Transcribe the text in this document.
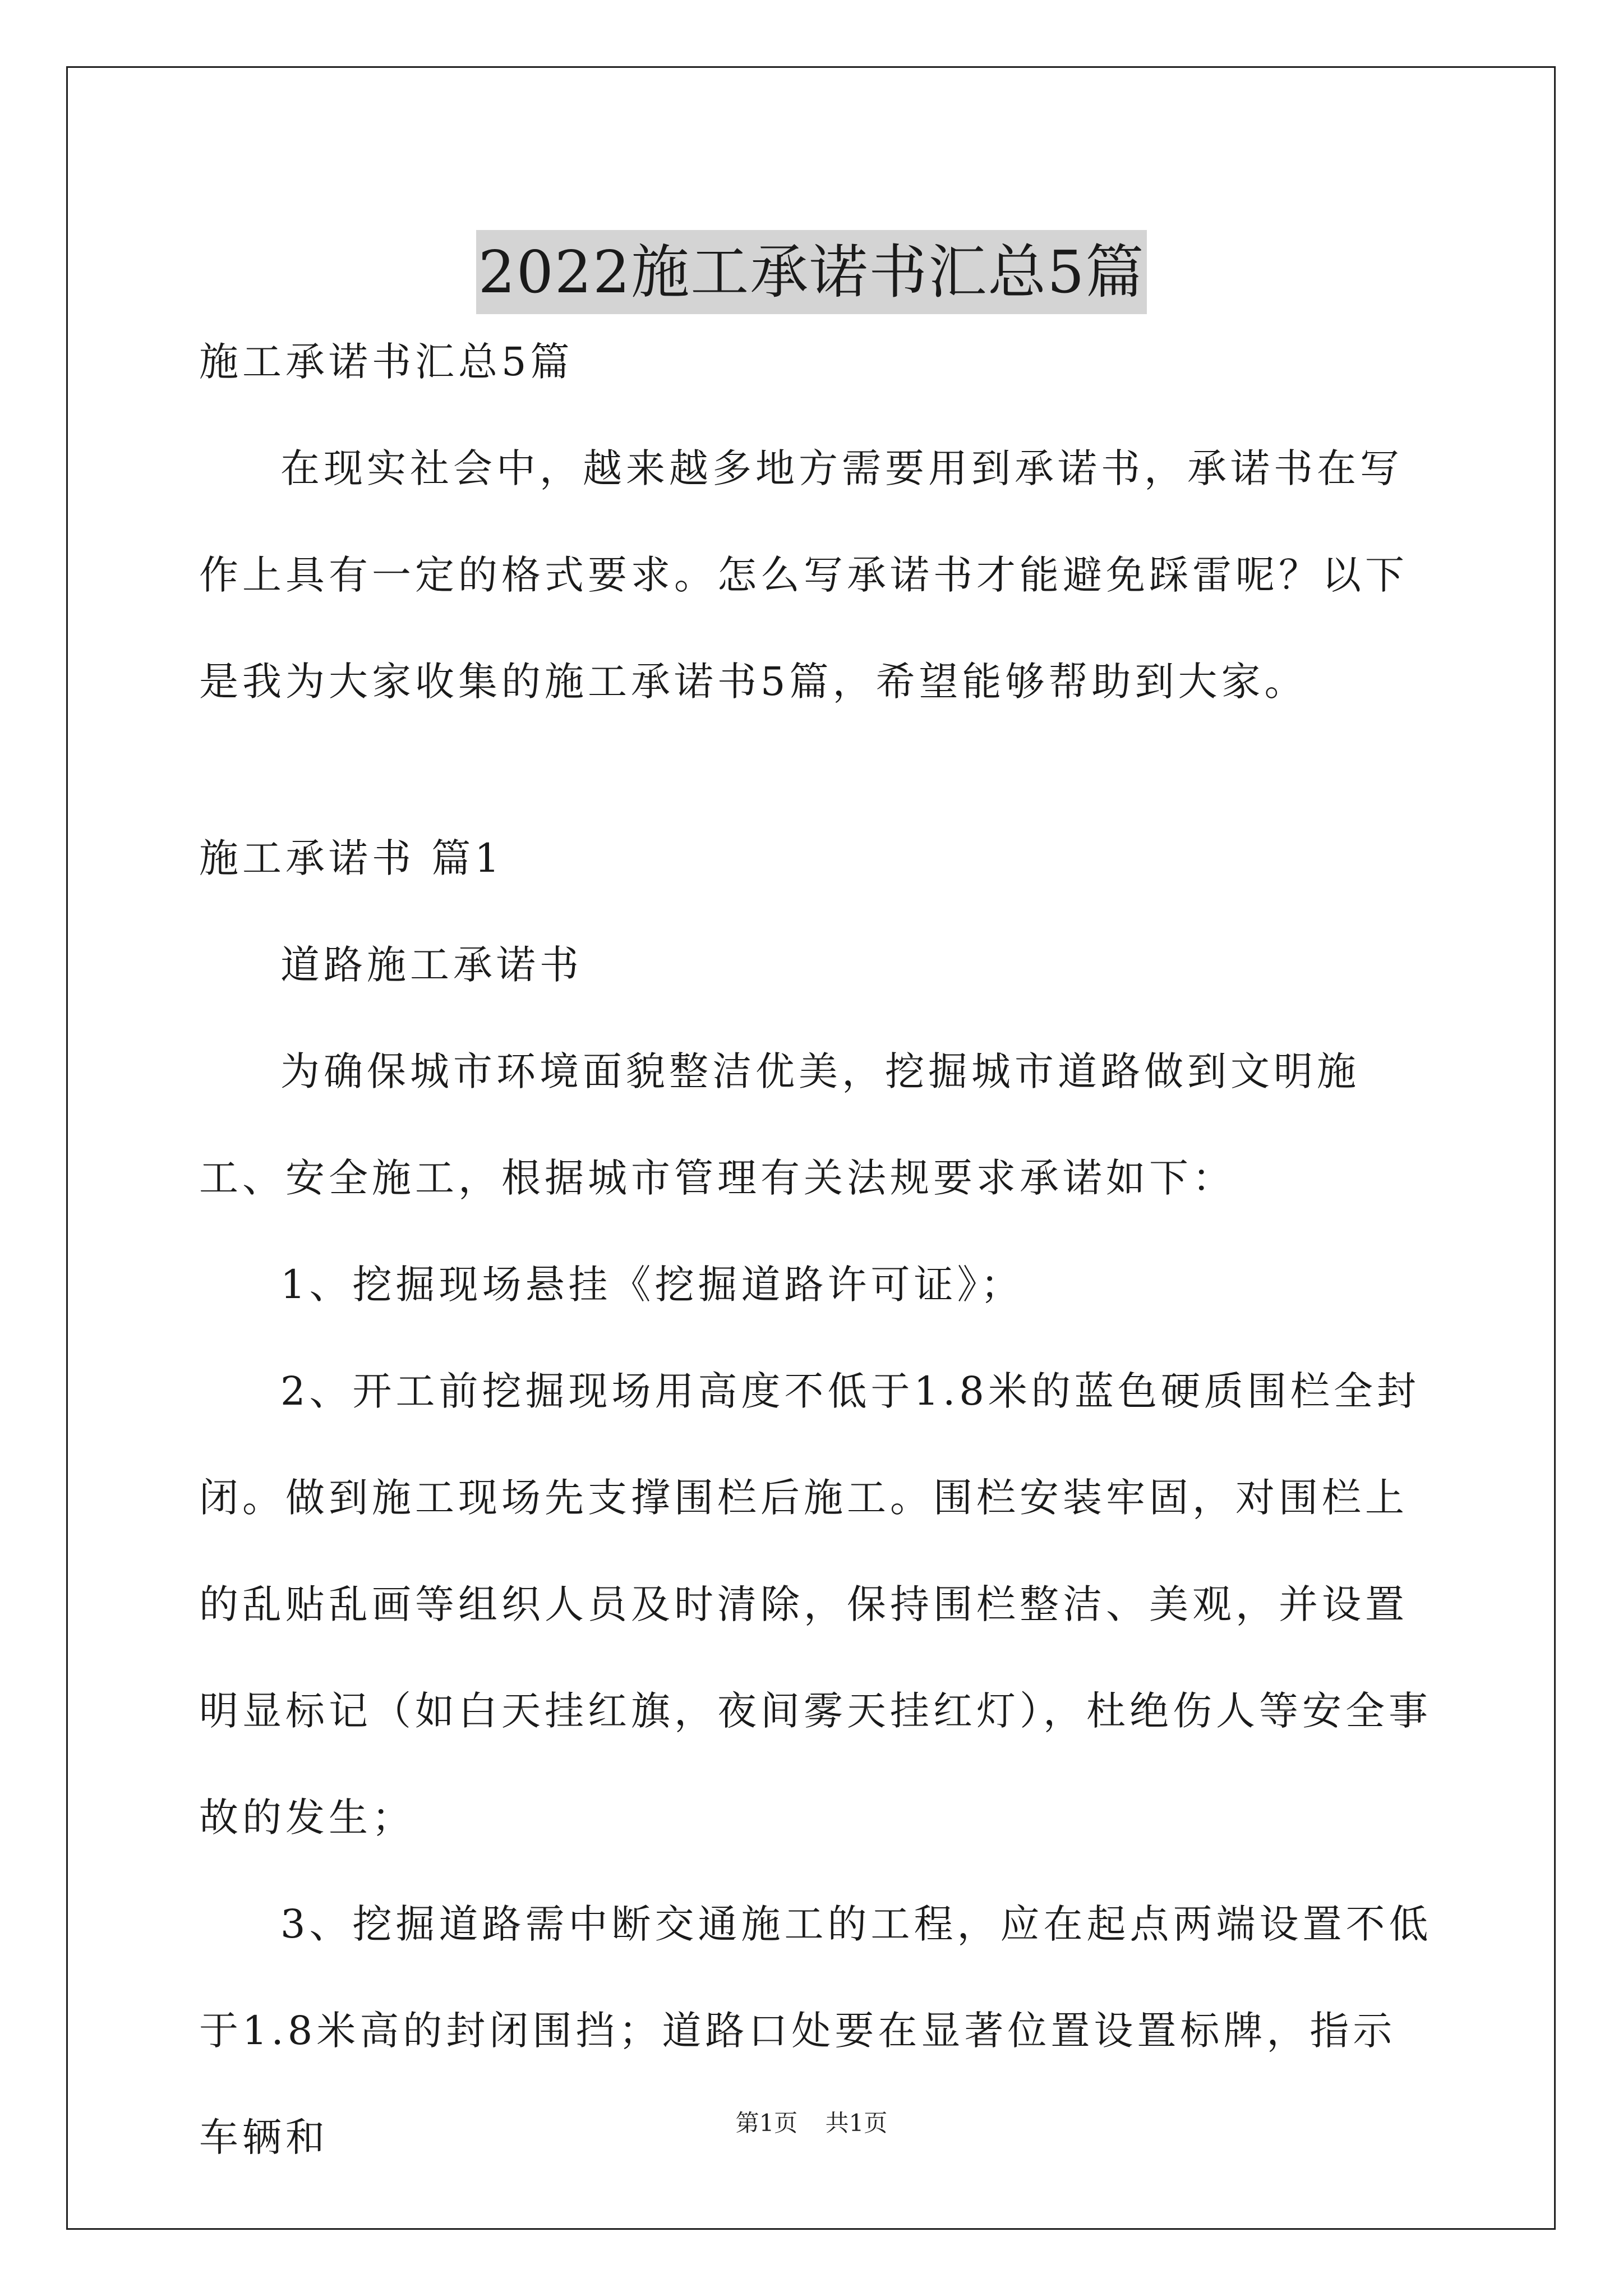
2022施工承诺书汇总5篇

施工承诺书汇总5篇

在现实社会中，越来越多地方需要用到承诺书，承诺书在写作上具有一定的格式要求。怎么写承诺书才能避免踩雷呢？以下是我为大家收集的施工承诺书5篇，希望能够帮助到大家。

施工承诺书 篇1

道路施工承诺书

为确保城市环境面貌整洁优美，挖掘城市道路做到文明施工、安全施工，根据城市管理有关法规要求承诺如下：

1、挖掘现场悬挂《挖掘道路许可证》；

2、开工前挖掘现场用高度不低于1.8米的蓝色硬质围栏全封闭。做到施工现场先支撑围栏后施工。围栏安装牢固，对围栏上的乱贴乱画等组织人员及时清除，保持围栏整洁、美观，并设置明显标记（如白天挂红旗，夜间雾天挂红灯），杜绝伤人等安全事故的发生；

3、挖掘道路需中断交通施工的工程，应在起点两端设置不低于1.8米高的封闭围挡；道路口处要在显著位置设置标牌，指示车辆和	第1页 共1页
